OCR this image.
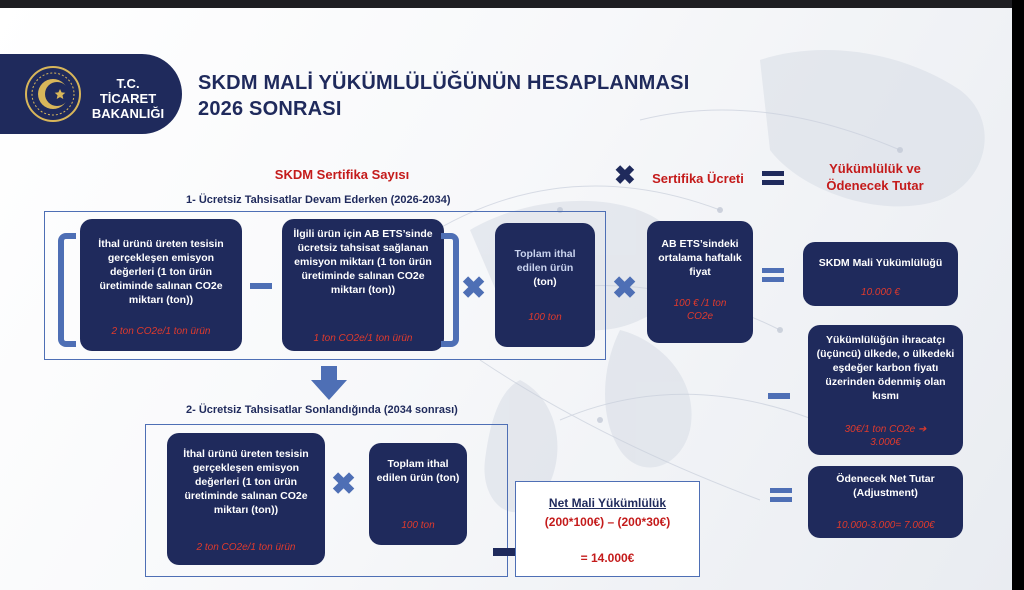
T.C. TİCARET
BAKANLIĞI
SKDM MALİ YÜKÜMLÜLÜĞÜNÜN HESAPLANMASI
2026 SONRASI
SKDM Sertifika Sayısı	✖	Sertifika Ücreti
Yükümlülük ve
Ödenecek Tutar
1- Ücretsiz Tahsisatlar Devam Ederken (2026-2034)
İthal ürünü üreten tesisin gerçekleşen emisyon değerleri (1 ton ürün üretiminde salınan CO2e miktarı (ton))
2 ton CO2e/1 ton ürün
İlgili ürün için AB ETS’sinde ücretsiz tahsisat sağlanan emisyon miktarı (1 ton ürün üretiminde salınan CO2e miktarı (ton))
1 ton CO2e/1 ton ürün
✖
Toplam ithal edilen ürün
(ton)
100 ton
✖
AB ETS’sindeki ortalama haftalık fiyat
100 € /1 ton CO2e
SKDM Mali Yükümlülüğü
10.000 €
Yükümlülüğün ihracatçı (üçüncü) ülkede, o ülkedeki eşdeğer karbon fiyatı üzerinden ödenmiş olan kısmı
30€/1 ton CO2e ➔
3.000€
Ödenecek Net Tutar
(Adjustment)
10.000-3.000= 7.000€
2- Ücretsiz Tahsisatlar Sonlandığında (2034 sonrası)
İthal ürünü üreten tesisin gerçekleşen emisyon değerleri (1 ton ürün üretiminde salınan CO2e miktarı (ton))
2 ton CO2e/1 ton ürün
✖
Toplam ithal edilen ürün (ton)
100 ton
Net Mali Yükümlülük
(200*100€) – (200*30€)
= 14.000€
